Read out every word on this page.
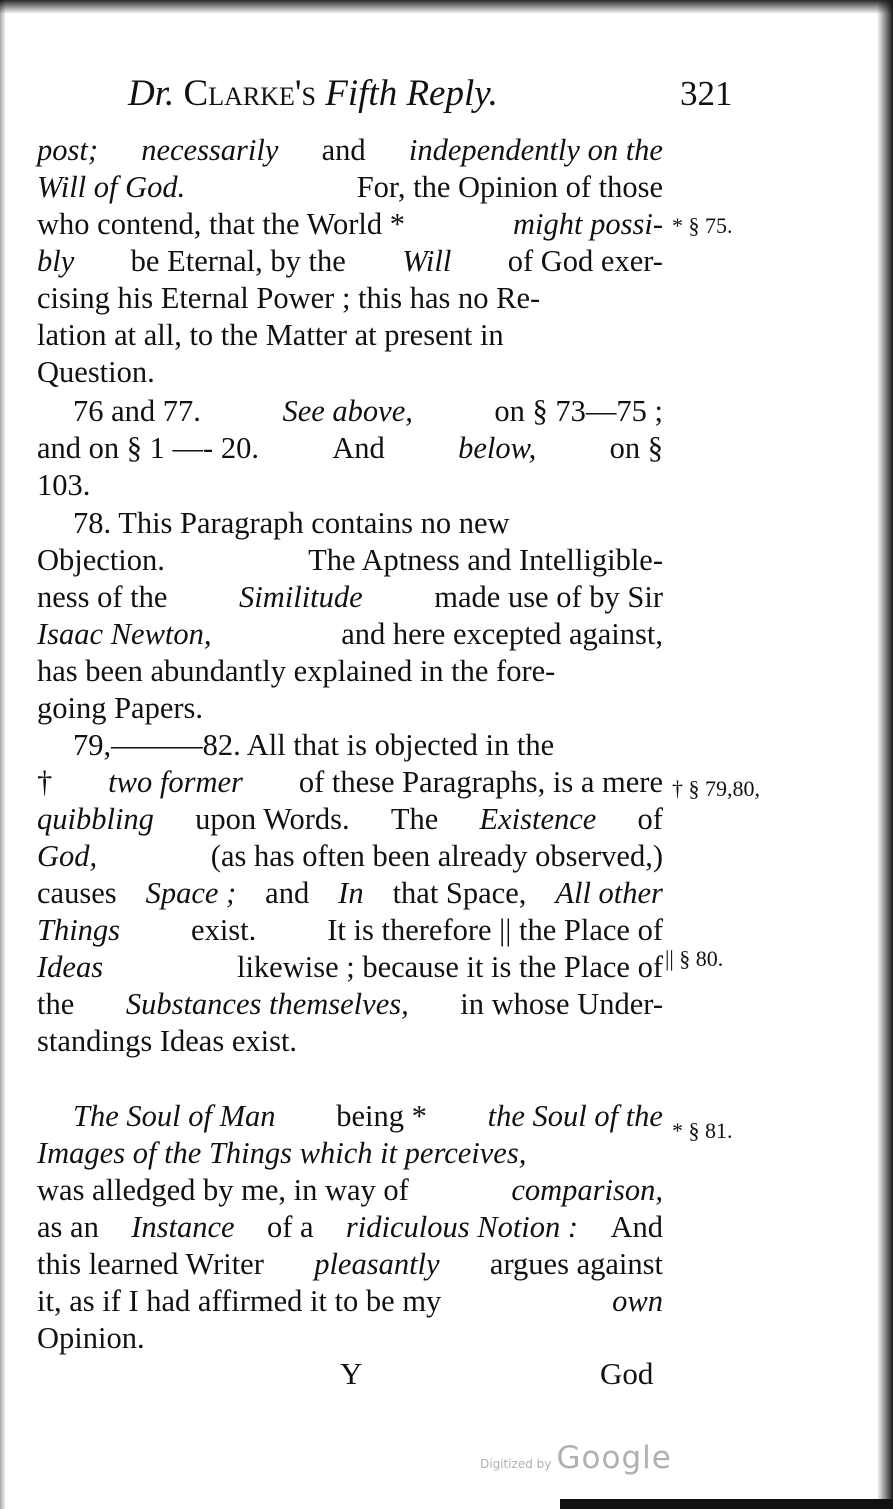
Dr. Clarke's Fifth Reply.	321
post; necessarily and independently on the
Will of God.	For, the Opinion of those
who contend, that the World *	might possi-
bly be Eternal, by the Will of God exer-
cising his Eternal Power ; this has no Re-
lation at all, to the Matter at present in
Question.
76 and 77.	See above,	on § 73—75 ;
and on § 1 —- 20. And below, on §
103.
78. This Paragraph contains no new
Objection.	The Aptness and Intelligible-
ness of the Similitude made use of by Sir
Isaac Newton,	and here excepted against,
has been abundantly explained in the fore-
going Papers.
79,———82. All that is objected in the
† two former of these Paragraphs, is a mere
quibbling upon Words. The Existence of
God,	(as has often been already observed,)
causes Space ; and In that Space, All other
Things exist. It is therefore || the Place of
Ideas	likewise ; because it is the Place of
the Substances themselves, in whose Under-
standings Ideas exist.
The Soul of Man being * the Soul of the
Images of the Things which it perceives,
was alledged by me, in way of	comparison,
as an Instance of a ridiculous Notion : And
this learned Writer pleasantly argues against
it, as if I had affirmed it to be my	own
Opinion.
* § 75.
† § 79,80,
|| § 80.
* § 81.
Y	God
Digitized by Google
